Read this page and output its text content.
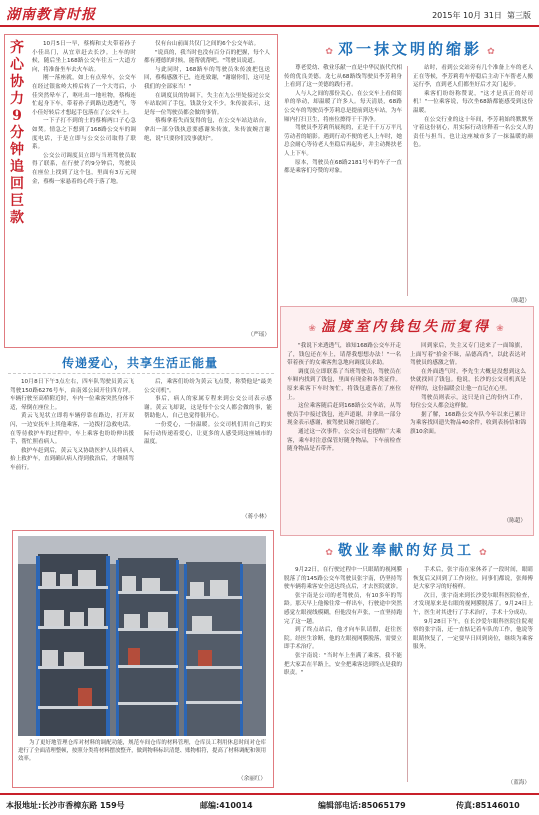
湖南教育时报	2015年 10月 31日 第三版
齐心协力9分钟追回巨款

10月5日一早，蔡梅和丈夫带着孙子小佳出门，从宜章赶去长沙。上车的时候，随后坐上168路公交车往五一大道方向，将准备坐车去火车站。

刚一落座就，如上有点晕车，公交车在经过银盆岭大桥后转了一个大弯后，小佳突然晕车了，呕吐出一地吐物，蔡梅连忙起身下车，带着孙子到路边透透气，等小佳好转后才想起手包落在了公交车上。

一下子打不到的士的蔡梅两口子心急如焚。情急之下想到了168路公交车的调度电话，于是立即与公交公司取得了联系。

公交公司调度员立即与当班驾驶员取得了联系，在行驶了约9分钟后，驾驶员在座位上找到了这个包，里面有3万元现金，蔡梅一家悬着的心终于落了地。

仅有台山前面共仅门之间的6个公交车站。

"说真的，我当时也没有百分百的把握，每个人都有遵德的时候，能帮就帮吧。"驾驶员说道。

与此同时，168路车的驾驶员朱传波把包送回，蔡梅感激不已，连连致谢，"谢谢你们，这可是我们的全部家当！"

在调度员的协调下，失主在九公里处接过公交车站取回了手包，钱款分文不少。朱传波表示，这是每一位驾驶员都会做的事情。

蔡梅拿着失而复得的包，在公交车站边站台，拿出一部分钱执意要感谢朱传波，朱传波婉言谢绝，说"只要你们没事就好"。

（严瑶）
✿ 邓一抹文明的缩影 ✿

尊老爱幼、敬业乐献一直是中华民族代代相传的优良美德。龙七从68路线驾驶员李芳莉身上看到了这一美德的践行者。

人与人之间的那份关心，在公交车上看似简单的举动，却温暖了许多人。每天清晨，68路公交车的驾驶员李芳莉总是提前到达车站，为车厢内打扫卫生，将座位擦得干干净净。

驾驶员李芳莉所展现的，正是千千万万平凡劳动者的缩影。遇到行动不便的老人上车时，她总会耐心等待老人坐稳后再起步，并主动搀扶老人上下车。

原本，驾驶员在68路2181号车的车子一直都是乘客们夸赞的对象。

站时，看到公交站旁有几个准备上车的老人正在等候，李芳莉将车停稳后主动下车帮老人搬运行李，直到老人们都坐好后才关门起步。

乘客们纷纷称赞说，"这才是真正的好司机！"一位乘客说，每次坐68路都能感受到这份温暖。

在公交行业的这十年间，李芳莉始终默默坚守着这份初心，用实际行动诠释着一名公交人的责任与担当，也让这座城市多了一抹温暖的颜色。

（陈超）
❀ 温度室内钱包失而复得 ❀

"我说下来透透气，谁知168路公交车开走了，钱包还在车上，请帮我想想办法！"一名带着孩子的女乘客焦急地向调度员求助。

调度员立即联系了当班驾驶员，驾驶员在车厢内找到了钱包，里面有现金和各类证件。原来乘客下车时匆忙，将钱包遗落在了座位上。

这位乘客随后赶到168路公交车站，从驾驶员手中接过钱包，连声道谢，并拿出一部分现金表示感谢，被驾驶员婉言谢绝了。

通过这一次事件，公交公司也提醒广大乘客，乘车时注意保管好随身物品，下车前检查随身物品是否带齐。

回到家后，失主又专门送来了一面锦旗，上面写着"拾金不昧，品德高尚"，以此表达对驾驶员的感激之情。

在外面透气时，李先生大概是没想到这么快就找回了钱包。他说，长沙的公交司机真是好样的，这份温暖会让他一直记在心里。

驾驶员则表示，这只是自己的份内工作，每位公交人都会这样做。

据了解，168路公交车队今年以来已累计为乘客找回遗失物品40余件，收到表扬信和锦旗10余面。

（陈超）
传递爱心，共享生活正能量

10月8日下午3点左右，四车队驾驶员黄云飞驾驶150路6276号车，由南郊公园开往四方坪。车辆行驶至高桥附近时，车内一位乘客突然身体不适，晕倒在座位上。

黄云飞见状立即将车辆停靠在路边，打开双闪，一边安抚车上其他乘客，一边拨打急救电话。在等待救护车的过程中，车上乘客也纷纷伸出援手，帮忙照看病人。

救护车赶到后，黄云飞又协助医护人员将病人抬上救护车，直到确认病人得到救治后，才继续驾车前行。

后，乘客们纷纷为黄云飞点赞，称赞他是"最美公交司机"。

事后，病人的家属专程来到公交公司表示感谢。黄云飞却说，这是每个公交人都会做的事，能帮助他人，自己也觉得很开心。

一份爱心，一份温暖。公交司机们用自己的实际行动传递着爱心，让更多的人感受到这座城市的温度。

（蒋小林）

为了更好地管理仓库对材料的调配功能，规范车间仓库的材料管理，仓库员工利用休息时间对仓库进行了全面清理整顿，按照分类将材料摆放整齐，做到物料标识清楚、账物相符，提高了材料调配和领用效率。

（余丽红）
✿ 敬业奉献的好员工 ✿

9月22日，在行驶过程中一只眼睛的视网膜脱落了的145路公交车驾驶员张宇南，仍坚持驾驶车辆将乘客安全送达终点后，才去医院就诊。

张宇南是公司的老驾驶员，有10多年的驾龄。那天早上他像往常一样出车，行驶途中突然感觉左眼视线模糊，但他没有声张，一直坚持跑完了这一趟。

到了终点站后，他才向车队请假，赶往医院。经医生诊断，他的左眼视网膜脱落，需要立即手术治疗。

张宇南说："当时车上坐满了乘客，我不能把大家丢在半路上，安全把乘客送到终点是我的职责。"

手术后，张宇南在家休养了一段时间，眼睛恢复后又回到了工作岗位。同事们都说，张师傅是大家学习的好榜样。

次日，张宇南来到长沙爱尔眼科医院检查，才发现原来是右眼的视网膜脱落了。9月24日上午，医生对其进行了手术治疗，手术十分成功。

9月28日下午，在长沙爱尔眼科医院住院观察的张宇南，还一直惦记着车队的工作，他说等眼睛恢复了，一定要早日回到岗位，继续为乘客服务。

（蓝海）
本报地址:长沙市香樟东路 159号	邮编:410014	编辑部电话:85065179	传真:85146010
